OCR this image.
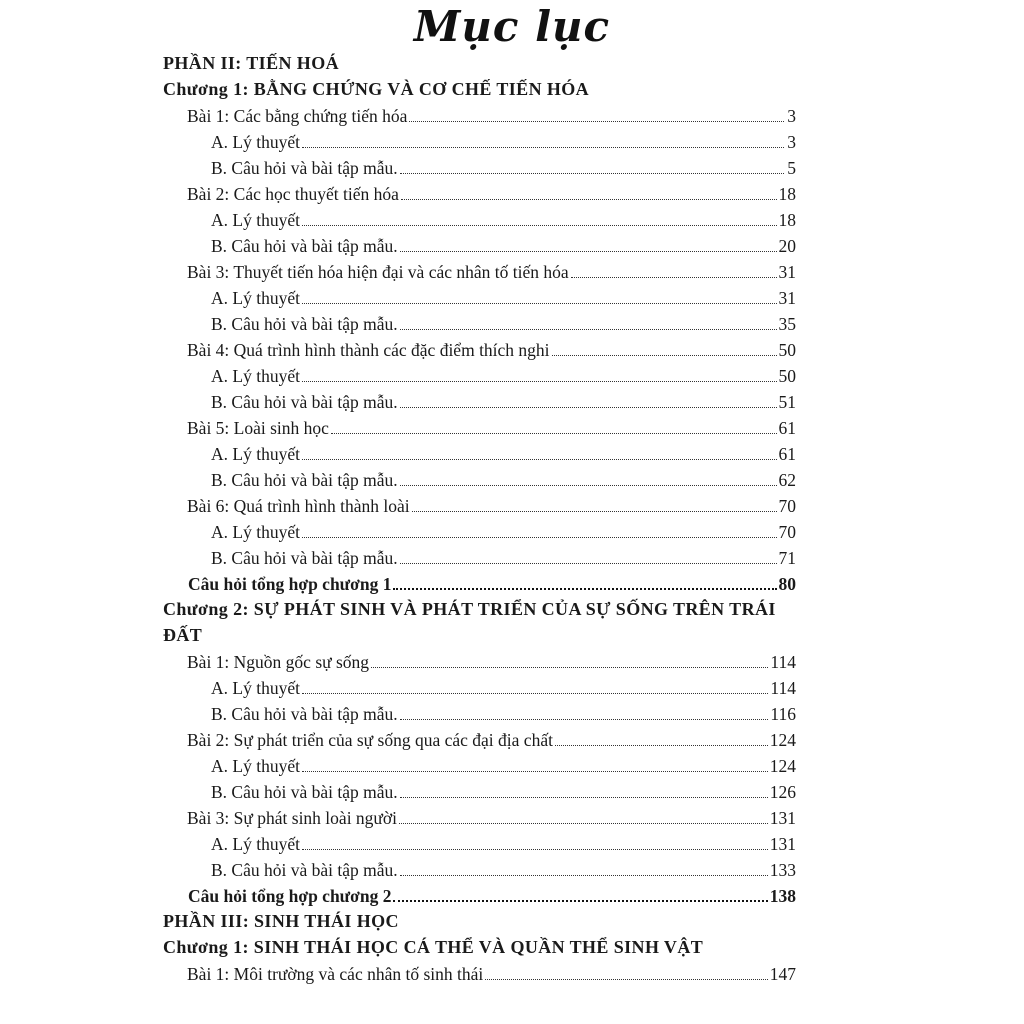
Mục lục
PHẦN II: TIẾN HOÁ
Chương 1: BẰNG CHỨNG VÀ CƠ CHẾ TIẾN HÓA
Bài 1: Các bằng chứng tiến hóa	3
A. Lý thuyết	3
B. Câu hỏi và bài tập mẫu.	5
Bài 2: Các học thuyết tiến hóa	18
A. Lý thuyết	18
B. Câu hỏi và bài tập mẫu.	20
Bài 3: Thuyết tiến hóa hiện đại và các nhân tố tiến hóa	31
A. Lý thuyết	31
B. Câu hỏi và bài tập mẫu.	35
Bài 4: Quá trình hình thành các đặc điểm thích nghi	50
A. Lý thuyết	50
B. Câu hỏi và bài tập mẫu.	51
Bài 5: Loài sinh học	61
A. Lý thuyết	61
B. Câu hỏi và bài tập mẫu.	62
Bài 6: Quá trình hình thành loài	70
A. Lý thuyết	70
B. Câu hỏi và bài tập mẫu.	71
Câu hỏi tổng hợp chương 1	80
Chương 2: SỰ PHÁT SINH VÀ PHÁT TRIỂN CỦA SỰ SỐNG TRÊN TRÁI ĐẤT
Bài 1: Nguồn gốc sự sống	114
A. Lý thuyết	114
B. Câu hỏi và bài tập mẫu.	116
Bài 2: Sự phát triển của sự sống qua các đại địa chất	124
A. Lý thuyết	124
B. Câu hỏi và bài tập mẫu.	126
Bài 3: Sự phát sinh loài người	131
A. Lý thuyết	131
B. Câu hỏi và bài tập mẫu.	133
Câu hỏi tổng hợp chương 2	138
PHẦN III: SINH THÁI HỌC
Chương 1: SINH THÁI HỌC CÁ THỂ VÀ QUẦN THỂ SINH VẬT
Bài 1: Môi trường và các nhân tố sinh thái	147
